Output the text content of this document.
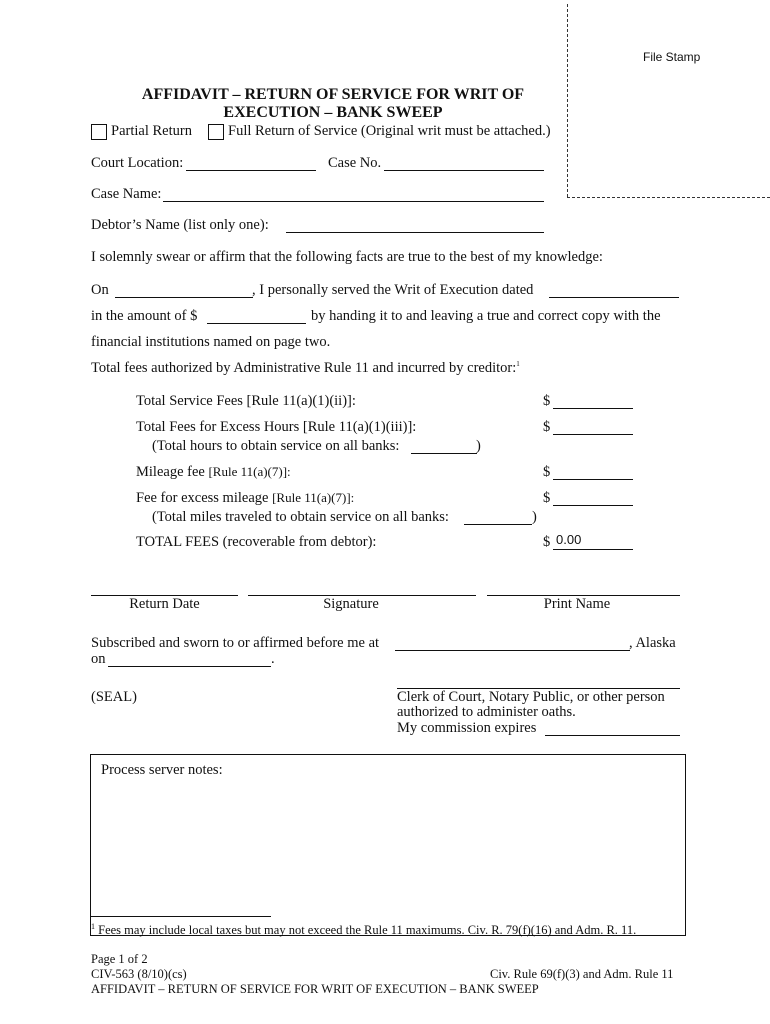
File Stamp
AFFIDAVIT – RETURN OF SERVICE FOR WRIT OF
EXECUTION – BANK SWEEP
Partial Return Full Return of Service (Original writ must be attached.)
Court Location:	Case No.
Case Name:
Debtor’s Name (list only one):
I solemnly swear or affirm that the following facts are true to the best of my knowledge:
On	, I personally served the Writ of Execution dated
in the amount of $	by handing it to and leaving a true and correct copy with the
financial institutions named on page two.
Total fees authorized by Administrative Rule 11 and incurred by creditor:$^1$
Total Service Fees [Rule 11(a)(1)(ii)]:	$
Total Fees for Excess Hours [Rule 11(a)(1)(iii)]:	$
(Total hours to obtain service on all banks:	)
Mileage fee [Rule 11(a)(7)]:	$
Fee for excess mileage [Rule 11(a)(7)]:	$
(Total miles traveled to obtain service on all banks:	)
TOTAL FEES (recoverable from debtor):	$ 0.00
Return Date	Signature	Print Name
Subscribed and sworn to or affirmed before me at	, Alaska
on	.
(SEAL)	Clerk of Court, Notary Public, or other person
authorized to administer oaths.
My commission expires
Process server notes:
$^1$ Fees may include local taxes but may not exceed the Rule 11 maximums. Civ. R. 79(f)(16) and Adm. R. 11.
Page 1 of 2
CIV-563 (8/10)(cs)	Civ. Rule 69(f)(3) and Adm. Rule 11
AFFIDAVIT – RETURN OF SERVICE FOR WRIT OF EXECUTION – BANK SWEEP
